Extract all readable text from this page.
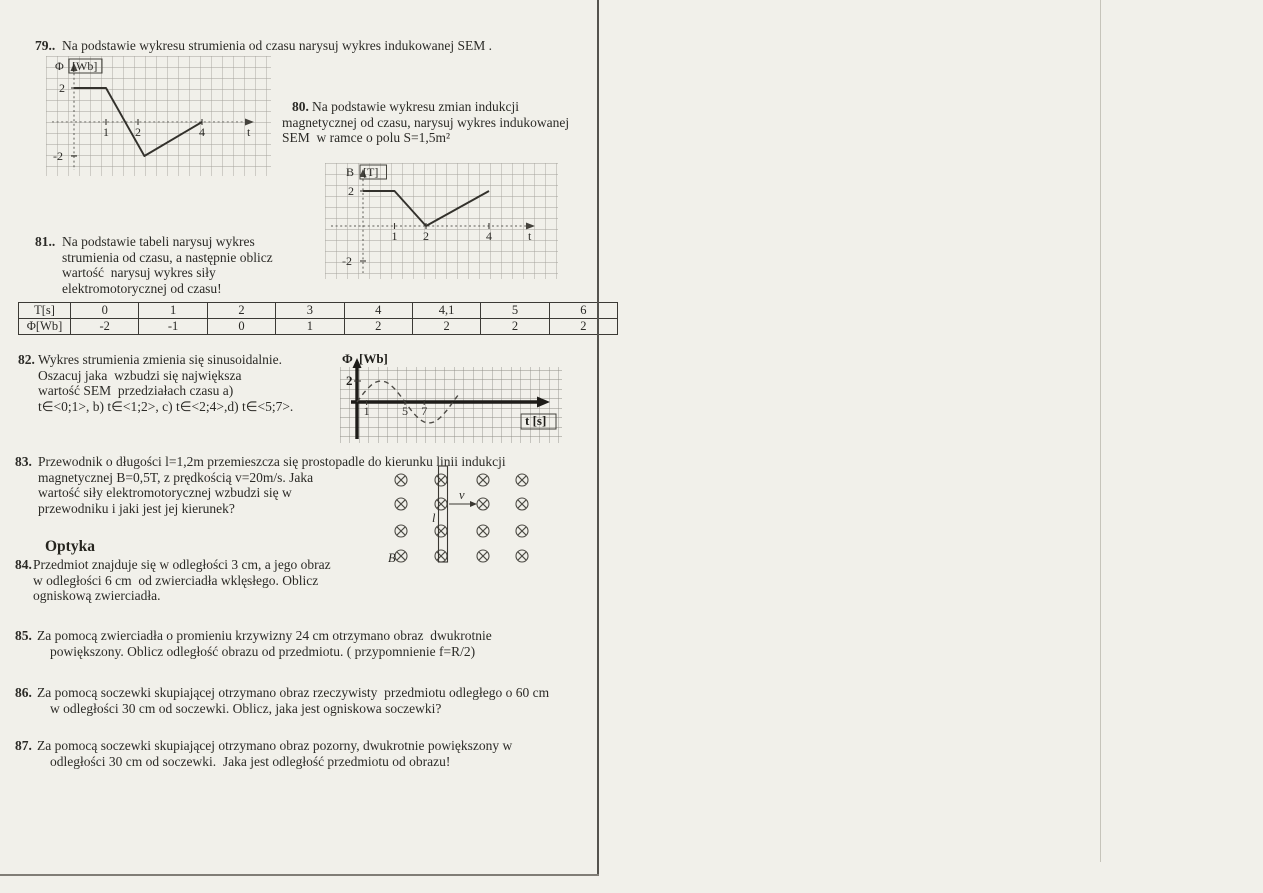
79.. Na podstawie wykresu strumienia od czasu narysuj wykres indukowanej SEM .
t
1 2	4
2
-2
Φ [Wb]
80. Na podstawie wykresu zmian indukcji
magnetycznej od czasu, narysuj wykres indukowanej
SEM  w ramce o polu S=1,5m²
t
1 2	4
2
-2
B [T]
81.. Na podstawie tabeli narysuj wykres
strumienia od czasu, a następnie oblicz
wartość  narysuj wykres siły
elektromotorycznej od czasu!
T[s]	0	1	2	3	4	4,1	5	6
Φ[Wb]	-2	-1	0	1	2	2	2	2
82. Wykres strumienia zmienia się sinusoidalnie.
Oszacuj jaka  wzbudzi się największa
wartość SEM  przedziałach czasu a)
t∈<0;1>, b) t∈<1;2>, c) t∈<2;4>,d) t∈<5;7>.	1	5 7
2
Φ [Wb]
t [s]
83. Przewodnik o długości l=1,2m przemieszcza się prostopadle do kierunku linii indukcji
magnetycznej B=0,5T, z prędkością v=20m/s. Jaka
wartość siły elektromotorycznej wzbudzi się w
przewodniku i jaki jest jej kierunek?
v
l
B
Optyka
84. Przedmiot znajduje się w odległości 3 cm, a jego obraz
w odległości 6 cm  od zwierciadła wklęsłego. Oblicz
ogniskową zwierciadła.
85. Za pomocą zwierciadła o promieniu krzywizny 24 cm otrzymano obraz  dwukrotnie
powiększony. Oblicz odległość obrazu od przedmiotu. ( przypomnienie f=R/2)
86. Za pomocą soczewki skupiającej otrzymano obraz rzeczywisty  przedmiotu odległego o 60 cm
w odległości 30 cm od soczewki. Oblicz, jaka jest ogniskowa soczewki?
87. Za pomocą soczewki skupiającej otrzymano obraz pozorny, dwukrotnie powiększony w
odległości 30 cm od soczewki.  Jaka jest odległość przedmiotu od obrazu!
